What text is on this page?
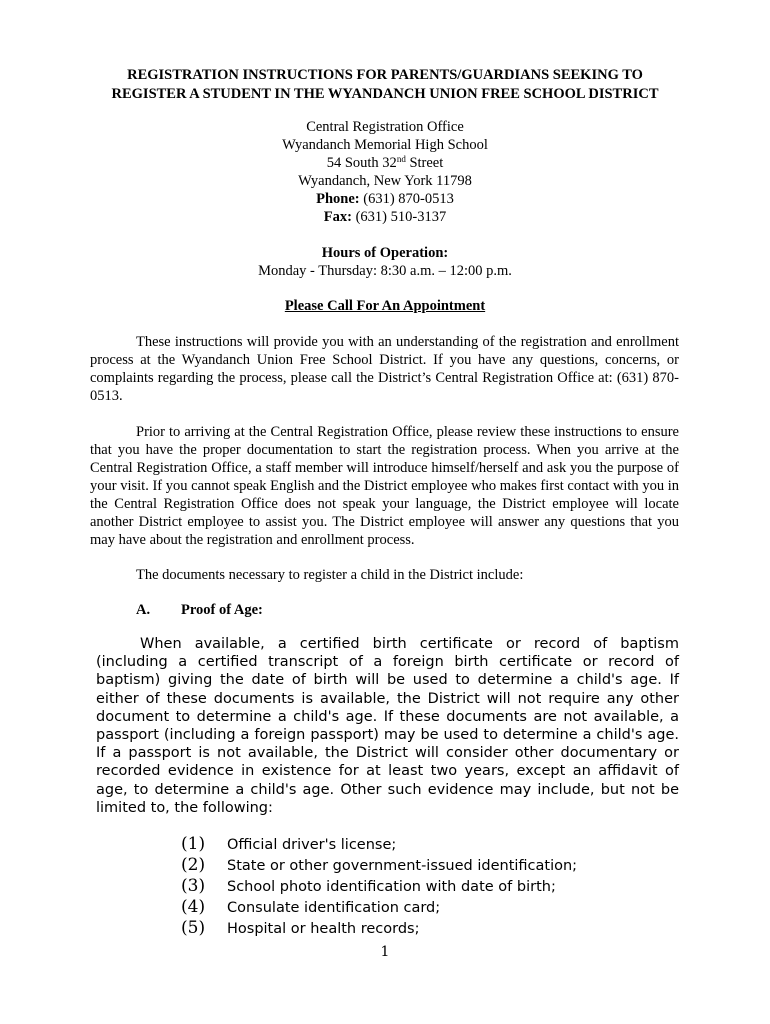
REGISTRATION INSTRUCTIONS FOR PARENTS/GUARDIANS SEEKING TO
REGISTER A STUDENT IN THE WYANDANCH UNION FREE SCHOOL DISTRICT
Central Registration Office
Wyandanch Memorial High School
54 South 32nd Street
Wyandanch, New York 11798
Phone: (631) 870-0513
Fax: (631) 510-3137
Hours of Operation:
Monday - Thursday: 8:30 a.m. – 12:00 p.m.
Please Call For An Appointment

These instructions will provide you with an understanding of the registration and enrollment process at the Wyandanch Union Free School District. If you have any questions, concerns, or complaints regarding the process, please call the District’s Central Registration Office at: (631) 870-0513.

Prior to arriving at the Central Registration Office, please review these instructions to ensure that you have the proper documentation to start the registration process. When you arrive at the Central Registration Office, a staff member will introduce himself/herself and ask you the purpose of your visit. If you cannot speak English and the District employee who makes first contact with you in the Central Registration Office does not speak your language, the District employee will locate another District employee to assist you. The District employee will answer any questions that you may have about the registration and enrollment process.

The documents necessary to register a child in the District include:
A. Proof of Age:

When available, a certified birth certificate or record of baptism (including a certified transcript of a foreign birth certificate or record of baptism) giving the date of birth will be used to determine a child's age. If either of these documents is available, the District will not require any other document to determine a child's age. If these documents are not available, a passport (including a foreign passport) may be used to determine a child's age. If a passport is not available, the District will consider other documentary or recorded evidence in existence for at least two years, except an affidavit of age, to determine a child's age. Other such evidence may include, but not be limited to, the following:

(1)	Official driver's license;
(2)	State or other government-issued identification;
(3)	School photo identification with date of birth;
(4)	Consulate identification card;
(5)	Hospital or health records;
1
